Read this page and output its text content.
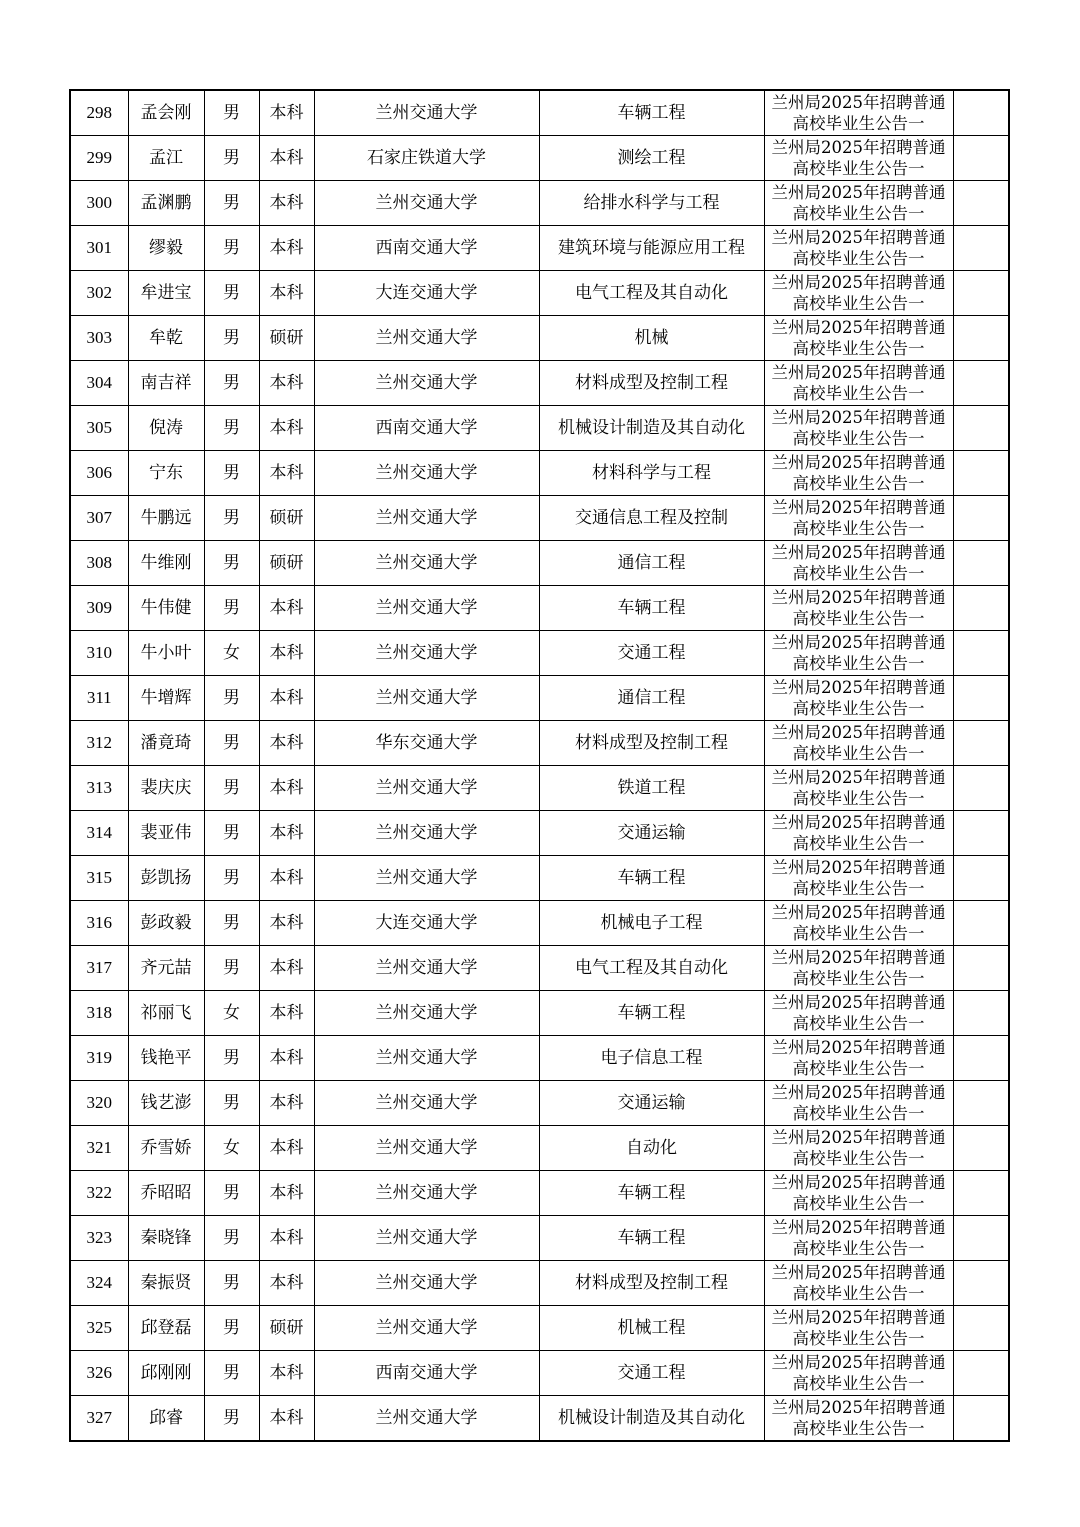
298	孟会刚	男	本科	兰州交通大学	车辆工程	兰州局2025年招聘普通
高校毕业生公告一	

299	孟江	男	本科	石家庄铁道大学	测绘工程	兰州局2025年招聘普通
高校毕业生公告一	

300	孟渊鹏	男	本科	兰州交通大学	给排水科学与工程	兰州局2025年招聘普通
高校毕业生公告一	

301	缪毅	男	本科	西南交通大学	建筑环境与能源应用工程	兰州局2025年招聘普通
高校毕业生公告一	

302	牟进宝	男	本科	大连交通大学	电气工程及其自动化	兰州局2025年招聘普通
高校毕业生公告一	

303	牟乾	男	硕研	兰州交通大学	机械	兰州局2025年招聘普通
高校毕业生公告一	

304	南吉祥	男	本科	兰州交通大学	材料成型及控制工程	兰州局2025年招聘普通
高校毕业生公告一	

305	倪涛	男	本科	西南交通大学	机械设计制造及其自动化	兰州局2025年招聘普通
高校毕业生公告一	

306	宁东	男	本科	兰州交通大学	材料科学与工程	兰州局2025年招聘普通
高校毕业生公告一	

307	牛鹏远	男	硕研	兰州交通大学	交通信息工程及控制	兰州局2025年招聘普通
高校毕业生公告一	

308	牛维刚	男	硕研	兰州交通大学	通信工程	兰州局2025年招聘普通
高校毕业生公告一	

309	牛伟健	男	本科	兰州交通大学	车辆工程	兰州局2025年招聘普通
高校毕业生公告一	

310	牛小叶	女	本科	兰州交通大学	交通工程	兰州局2025年招聘普通
高校毕业生公告一	

311	牛增辉	男	本科	兰州交通大学	通信工程	兰州局2025年招聘普通
高校毕业生公告一	

312	潘竟琦	男	本科	华东交通大学	材料成型及控制工程	兰州局2025年招聘普通
高校毕业生公告一	

313	裴庆庆	男	本科	兰州交通大学	铁道工程	兰州局2025年招聘普通
高校毕业生公告一	

314	裴亚伟	男	本科	兰州交通大学	交通运输	兰州局2025年招聘普通
高校毕业生公告一	

315	彭凯扬	男	本科	兰州交通大学	车辆工程	兰州局2025年招聘普通
高校毕业生公告一	

316	彭政毅	男	本科	大连交通大学	机械电子工程	兰州局2025年招聘普通
高校毕业生公告一	

317	齐元喆	男	本科	兰州交通大学	电气工程及其自动化	兰州局2025年招聘普通
高校毕业生公告一	

318	祁丽飞	女	本科	兰州交通大学	车辆工程	兰州局2025年招聘普通
高校毕业生公告一	

319	钱艳平	男	本科	兰州交通大学	电子信息工程	兰州局2025年招聘普通
高校毕业生公告一	

320	钱艺澎	男	本科	兰州交通大学	交通运输	兰州局2025年招聘普通
高校毕业生公告一	

321	乔雪娇	女	本科	兰州交通大学	自动化	兰州局2025年招聘普通
高校毕业生公告一	

322	乔昭昭	男	本科	兰州交通大学	车辆工程	兰州局2025年招聘普通
高校毕业生公告一	

323	秦晓锋	男	本科	兰州交通大学	车辆工程	兰州局2025年招聘普通
高校毕业生公告一	

324	秦振贤	男	本科	兰州交通大学	材料成型及控制工程	兰州局2025年招聘普通
高校毕业生公告一	

325	邱登磊	男	硕研	兰州交通大学	机械工程	兰州局2025年招聘普通
高校毕业生公告一	

326	邱刚刚	男	本科	西南交通大学	交通工程	兰州局2025年招聘普通
高校毕业生公告一	

327	邱睿	男	本科	兰州交通大学	机械设计制造及其自动化	兰州局2025年招聘普通
高校毕业生公告一	
